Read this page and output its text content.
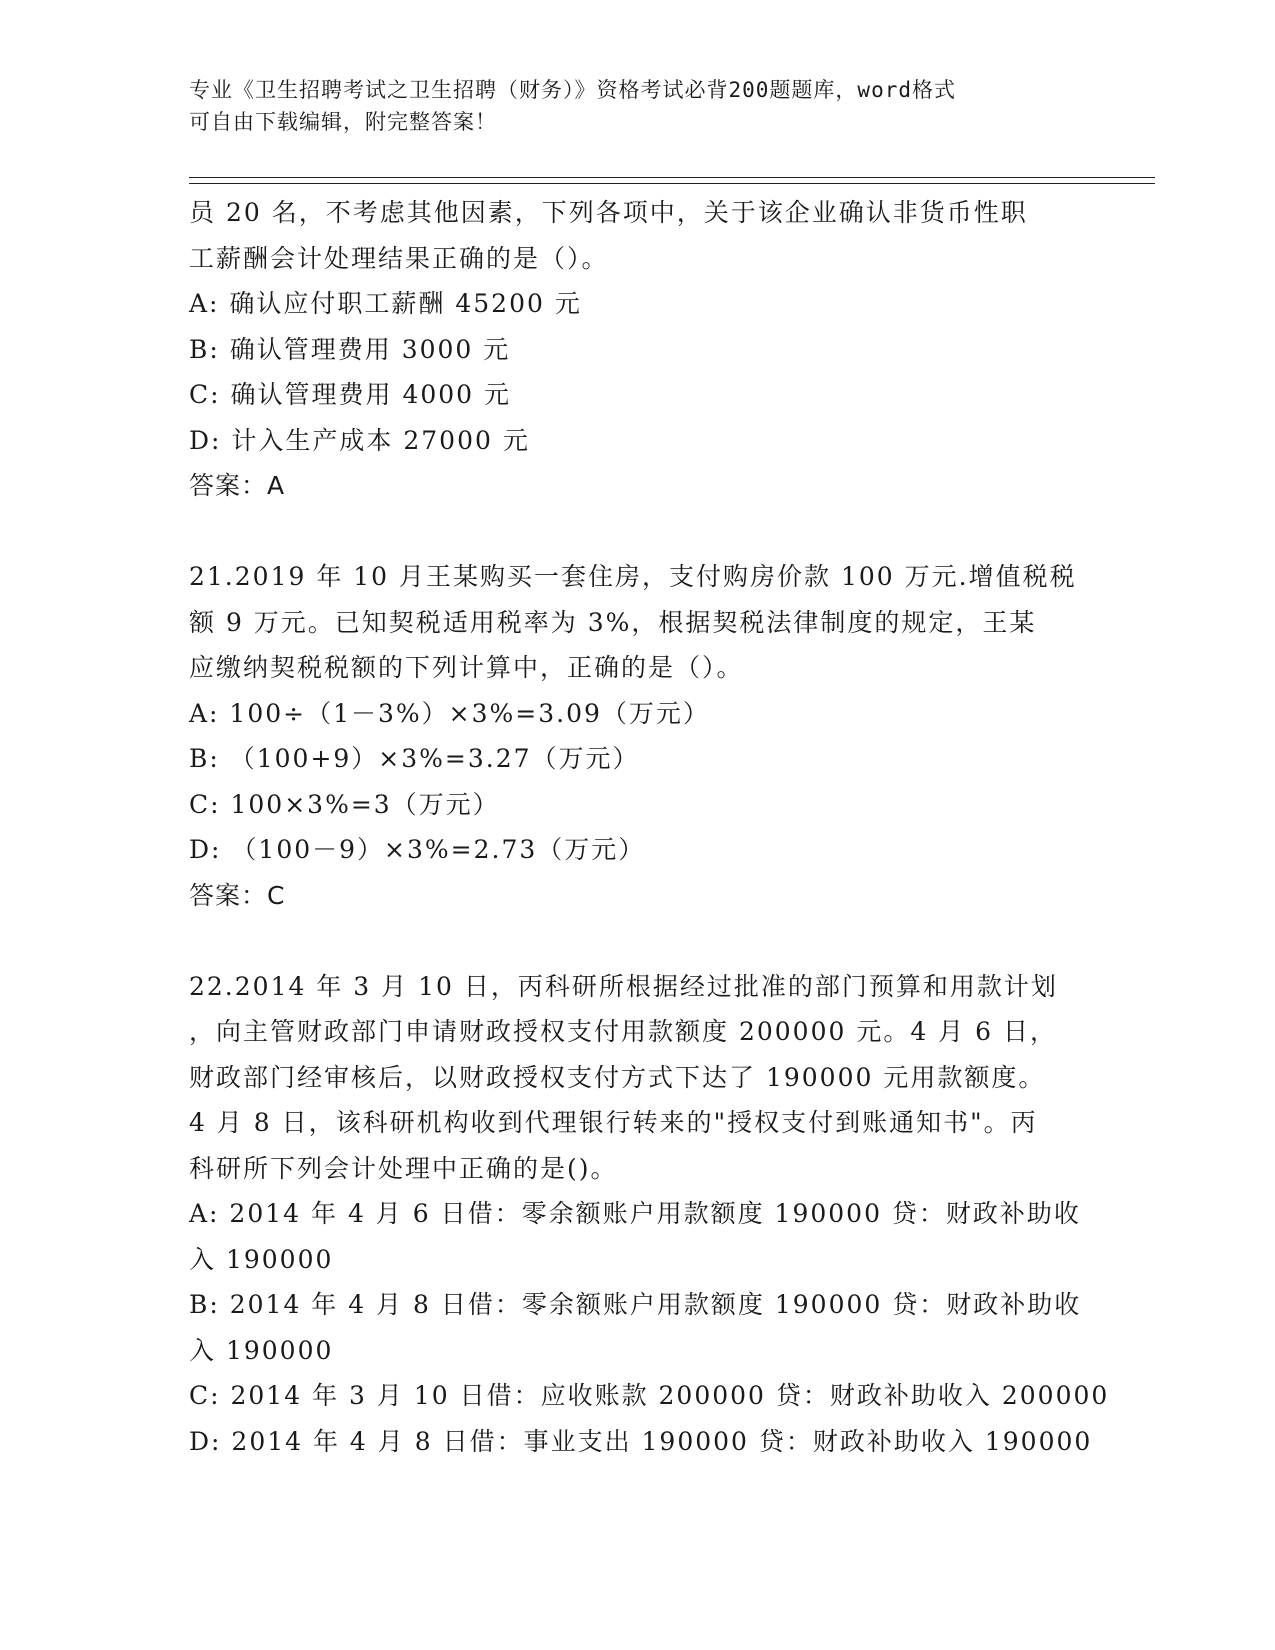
专业《卫生招聘考试之卫生招聘（财务）》资格考试必背200题题库，word格式
可自由下载编辑，附完整答案！
员 20 名，不考虑其他因素，下列各项中，关于该企业确认非货币性职
工薪酬会计处理结果正确的是（）。
A: 确认应付职工薪酬 45200 元
B: 确认管理费用 3000 元
C: 确认管理费用 4000 元
D: 计入生产成本 27000 元
答案：A
21.2019 年 10 月王某购买一套住房，支付购房价款 100 万元.增值税税
额 9 万元。已知契税适用税率为 3%，根据契税法律制度的规定，王某
应缴纳契税税额的下列计算中，正确的是（）。
A: 100÷（1－3%）×3%=3.09（万元）
B: （100+9）×3%=3.27（万元）
C: 100×3%=3（万元）
D: （100－9）×3%=2.73（万元）
答案：C
22.2014 年 3 月 10 日，丙科研所根据经过批准的部门预算和用款计划
，向主管财政部门申请财政授权支付用款额度 200000 元。4 月 6 日，
财政部门经审核后，以财政授权支付方式下达了 190000 元用款额度。
4 月 8 日，该科研机构收到代理银行转来的"授权支付到账通知书"。丙
科研所下列会计处理中正确的是()。
A: 2014 年 4 月 6 日借：零余额账户用款额度 190000 贷：财政补助收
入 190000
B: 2014 年 4 月 8 日借：零余额账户用款额度 190000 贷：财政补助收
入 190000
C: 2014 年 3 月 10 日借：应收账款 200000 贷：财政补助收入 200000
D: 2014 年 4 月 8 日借：事业支出 190000 贷：财政补助收入 190000
